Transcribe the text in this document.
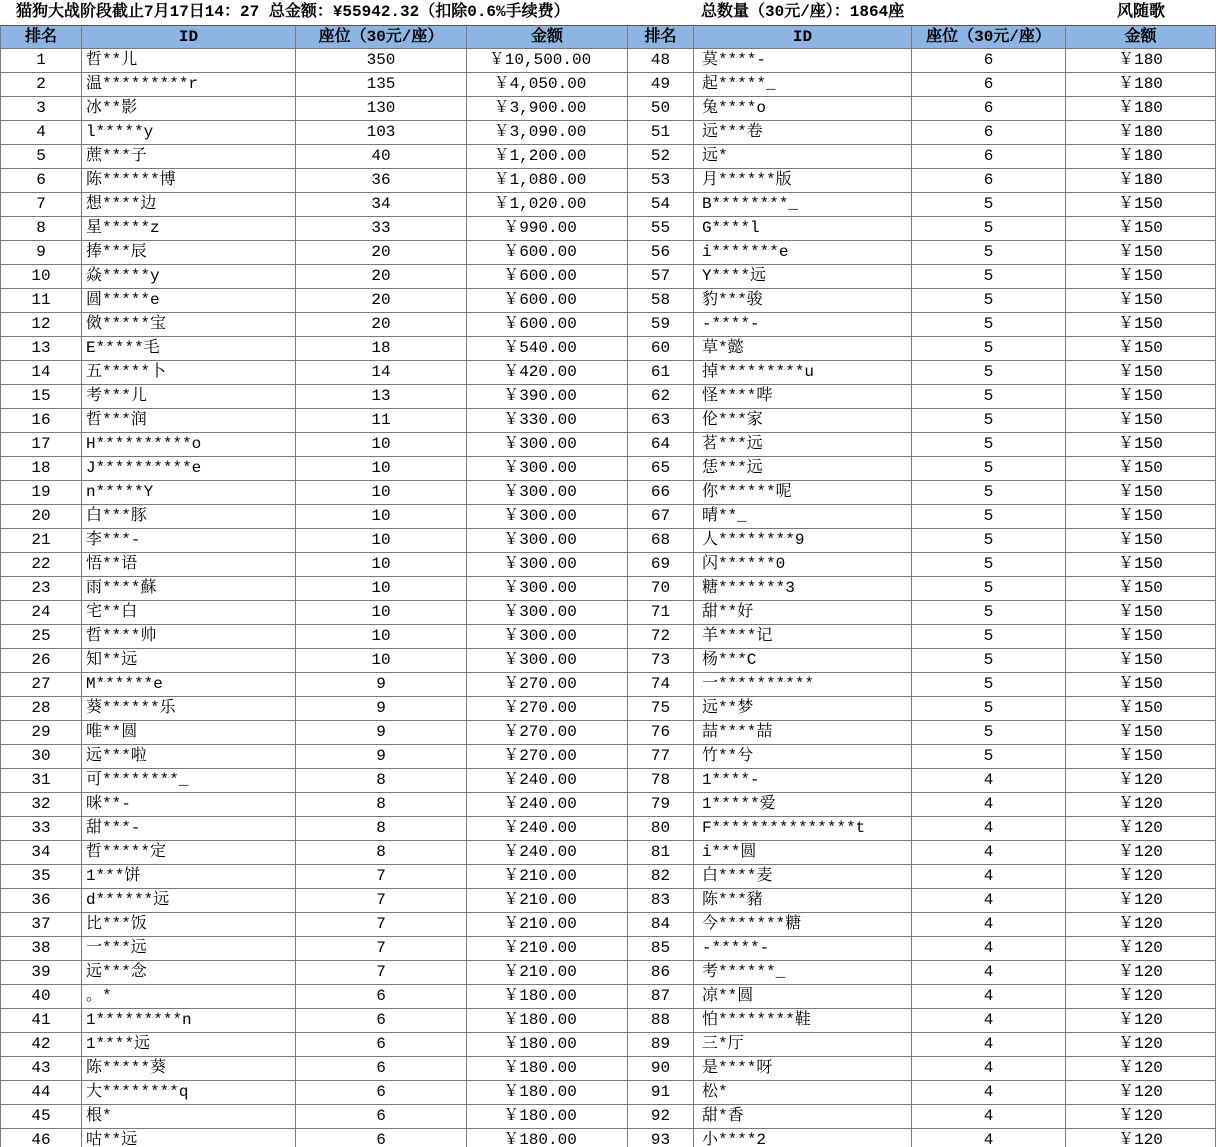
猫狗大战阶段截止7月17日14：27 总金额：¥55942.32（扣除0.6%手续费）	总数量（30元/座）：1864座	风随歌
排名	ID	座位（30元/座）	金额	排名	ID	座位（30元/座）	金额
1	哲**儿	350	￥10,500.00	48	莫****-	6	￥180
2	温*********r	135	￥4,050.00	49	起*****_	6	￥180
3	冰**影	130	￥3,900.00	50	兔****o	6	￥180
4	l*****y	103	￥3,090.00	51	远***卷	6	￥180
5	蔗***子	40	￥1,200.00	52	远*	6	￥180
6	陈******博	36	￥1,080.00	53	月******版	6	￥180
7	想****边	34	￥1,020.00	54	B********_	5	￥150
8	星*****z	33	￥990.00	55	G****l	5	￥150
9	捧***辰	20	￥600.00	56	i*******e	5	￥150
10	焱*****y	20	￥600.00	57	Y****远	5	￥150
11	圆*****e	20	￥600.00	58	豹***骏	5	￥150
12	傚*****宝	20	￥600.00	59	-****-	5	￥150
13	E*****毛	18	￥540.00	60	草*懿	5	￥150
14	五*****卜	14	￥420.00	61	掉*********u	5	￥150
15	考***儿	13	￥390.00	62	怪****哔	5	￥150
16	哲***润	11	￥330.00	63	伦***家	5	￥150
17	H**********o	10	￥300.00	64	茗***远	5	￥150
18	J**********e	10	￥300.00	65	恁***远	5	￥150
19	n*****Y	10	￥300.00	66	你******呢	5	￥150
20	白***豚	10	￥300.00	67	晴**_	5	￥150
21	李***-	10	￥300.00	68	人********9	5	￥150
22	悟**语	10	￥300.00	69	闪******0	5	￥150
23	雨****蘇	10	￥300.00	70	糖*******3	5	￥150
24	宅**白	10	￥300.00	71	甜**好	5	￥150
25	哲****帅	10	￥300.00	72	羊****记	5	￥150
26	知**远	10	￥300.00	73	杨***C	5	￥150
27	M******e	9	￥270.00	74	一**********	5	￥150
28	葵******乐	9	￥270.00	75	远**梦	5	￥150
29	唯**圆	9	￥270.00	76	喆****喆	5	￥150
30	远***啦	9	￥270.00	77	竹**兮	5	￥150
31	可********_	8	￥240.00	78	1****-	4	￥120
32	咪**-	8	￥240.00	79	1*****爱	4	￥120
33	甜***-	8	￥240.00	80	F***************t	4	￥120
34	哲*****定	8	￥240.00	81	i***圆	4	￥120
35	1***饼	7	￥210.00	82	白****麦	4	￥120
36	d******远	7	￥210.00	83	陈***豬	4	￥120
37	比***饭	7	￥210.00	84	今*******糖	4	￥120
38	一***远	7	￥210.00	85	-*****-	4	￥120
39	远***念	7	￥210.00	86	考******_	4	￥120
40	。*	6	￥180.00	87	凉**圆	4	￥120
41	1*********n	6	￥180.00	88	怕********鞋	4	￥120
42	1****远	6	￥180.00	89	三*厅	4	￥120
43	陈*****葵	6	￥180.00	90	是****呀	4	￥120
44	大********q	6	￥180.00	91	松*	4	￥120
45	根*	6	￥180.00	92	甜*香	4	￥120
46	咕**远	6	￥180.00	93	小****2	4	￥120
